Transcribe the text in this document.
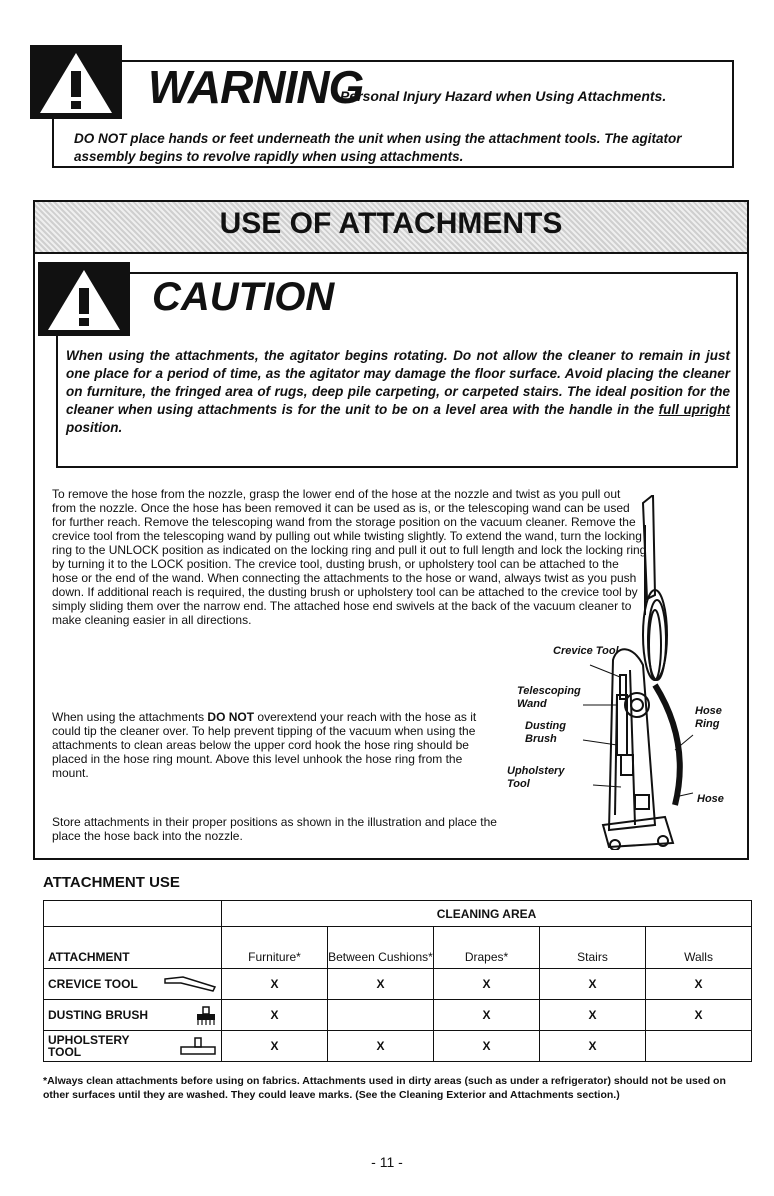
WARNING
Personal Injury Hazard when Using Attachments.
DO NOT place hands or feet underneath the unit when using the attachment tools. The agitator assembly begins to revolve rapidly when using attachments.
USE OF ATTACHMENTS
CAUTION
When using the attachments, the agitator begins rotating. Do not allow the cleaner to remain in just one place for a period of time, as the agitator may damage the floor surface. Avoid placing the cleaner on furniture, the fringed area of rugs, deep pile carpeting, or carpeted stairs. The ideal position for the cleaner when using attachments is for the unit to be on a level area with the handle in the full upright position.
To remove the hose from the nozzle, grasp the lower end of the hose at the nozzle and twist as you pull out from the nozzle. Once the hose has been removed it can be used as is, or the telescoping wand can be used for further reach. Remove the telescoping wand from the storage position on the vacuum cleaner. Remove the crevice tool from the telescoping wand by pulling out while twisting slightly. To extend the wand, turn the locking ring to the UNLOCK position as indicated on the locking ring and pull it out to full length and lock the locking ring by turning it to the LOCK position. The crevice tool, dusting brush, or upholstery tool can be attached to the hose or the end of the wand. When connecting the attachments to the hose or wand, always twist as you push down. If additional reach is required, the dusting brush or upholstery tool can be attached to the crevice tool by simply sliding them over the narrow end. The attached hose end swivels at the back of the vacuum cleaner to make cleaning easier in all directions.
When using the attachments DO NOT overextend your reach with the hose as it could tip the cleaner over. To help prevent tipping of the vacuum when using the attachments to clean areas below the upper cord hook the hose ring should be placed in the hose ring mount. Above this level unhook the hose ring from the mount.
Store attachments in their proper positions as shown in the illustration and place the place the hose back into the nozzle.
Crevice Tool
Telescoping Wand
Dusting Brush
Upholstery Tool
Hose Ring
Hose
ATTACHMENT USE
	CLEANING AREA				
ATTACHMENT	Furniture*	Between Cushions*	Drapes*	Stairs	Walls
CREVICE TOOL	X	X	X	X	X
DUSTING BRUSH	X		X	X	X

UPHOLSTERY TOOL	X	X	X	X	
*Always clean attachments before using on fabrics. Attachments used in dirty areas (such as under a refrigerator) should not be used on other surfaces until they are washed. They could leave marks. (See the Cleaning Exterior and Attachments section.)
- 11 -
